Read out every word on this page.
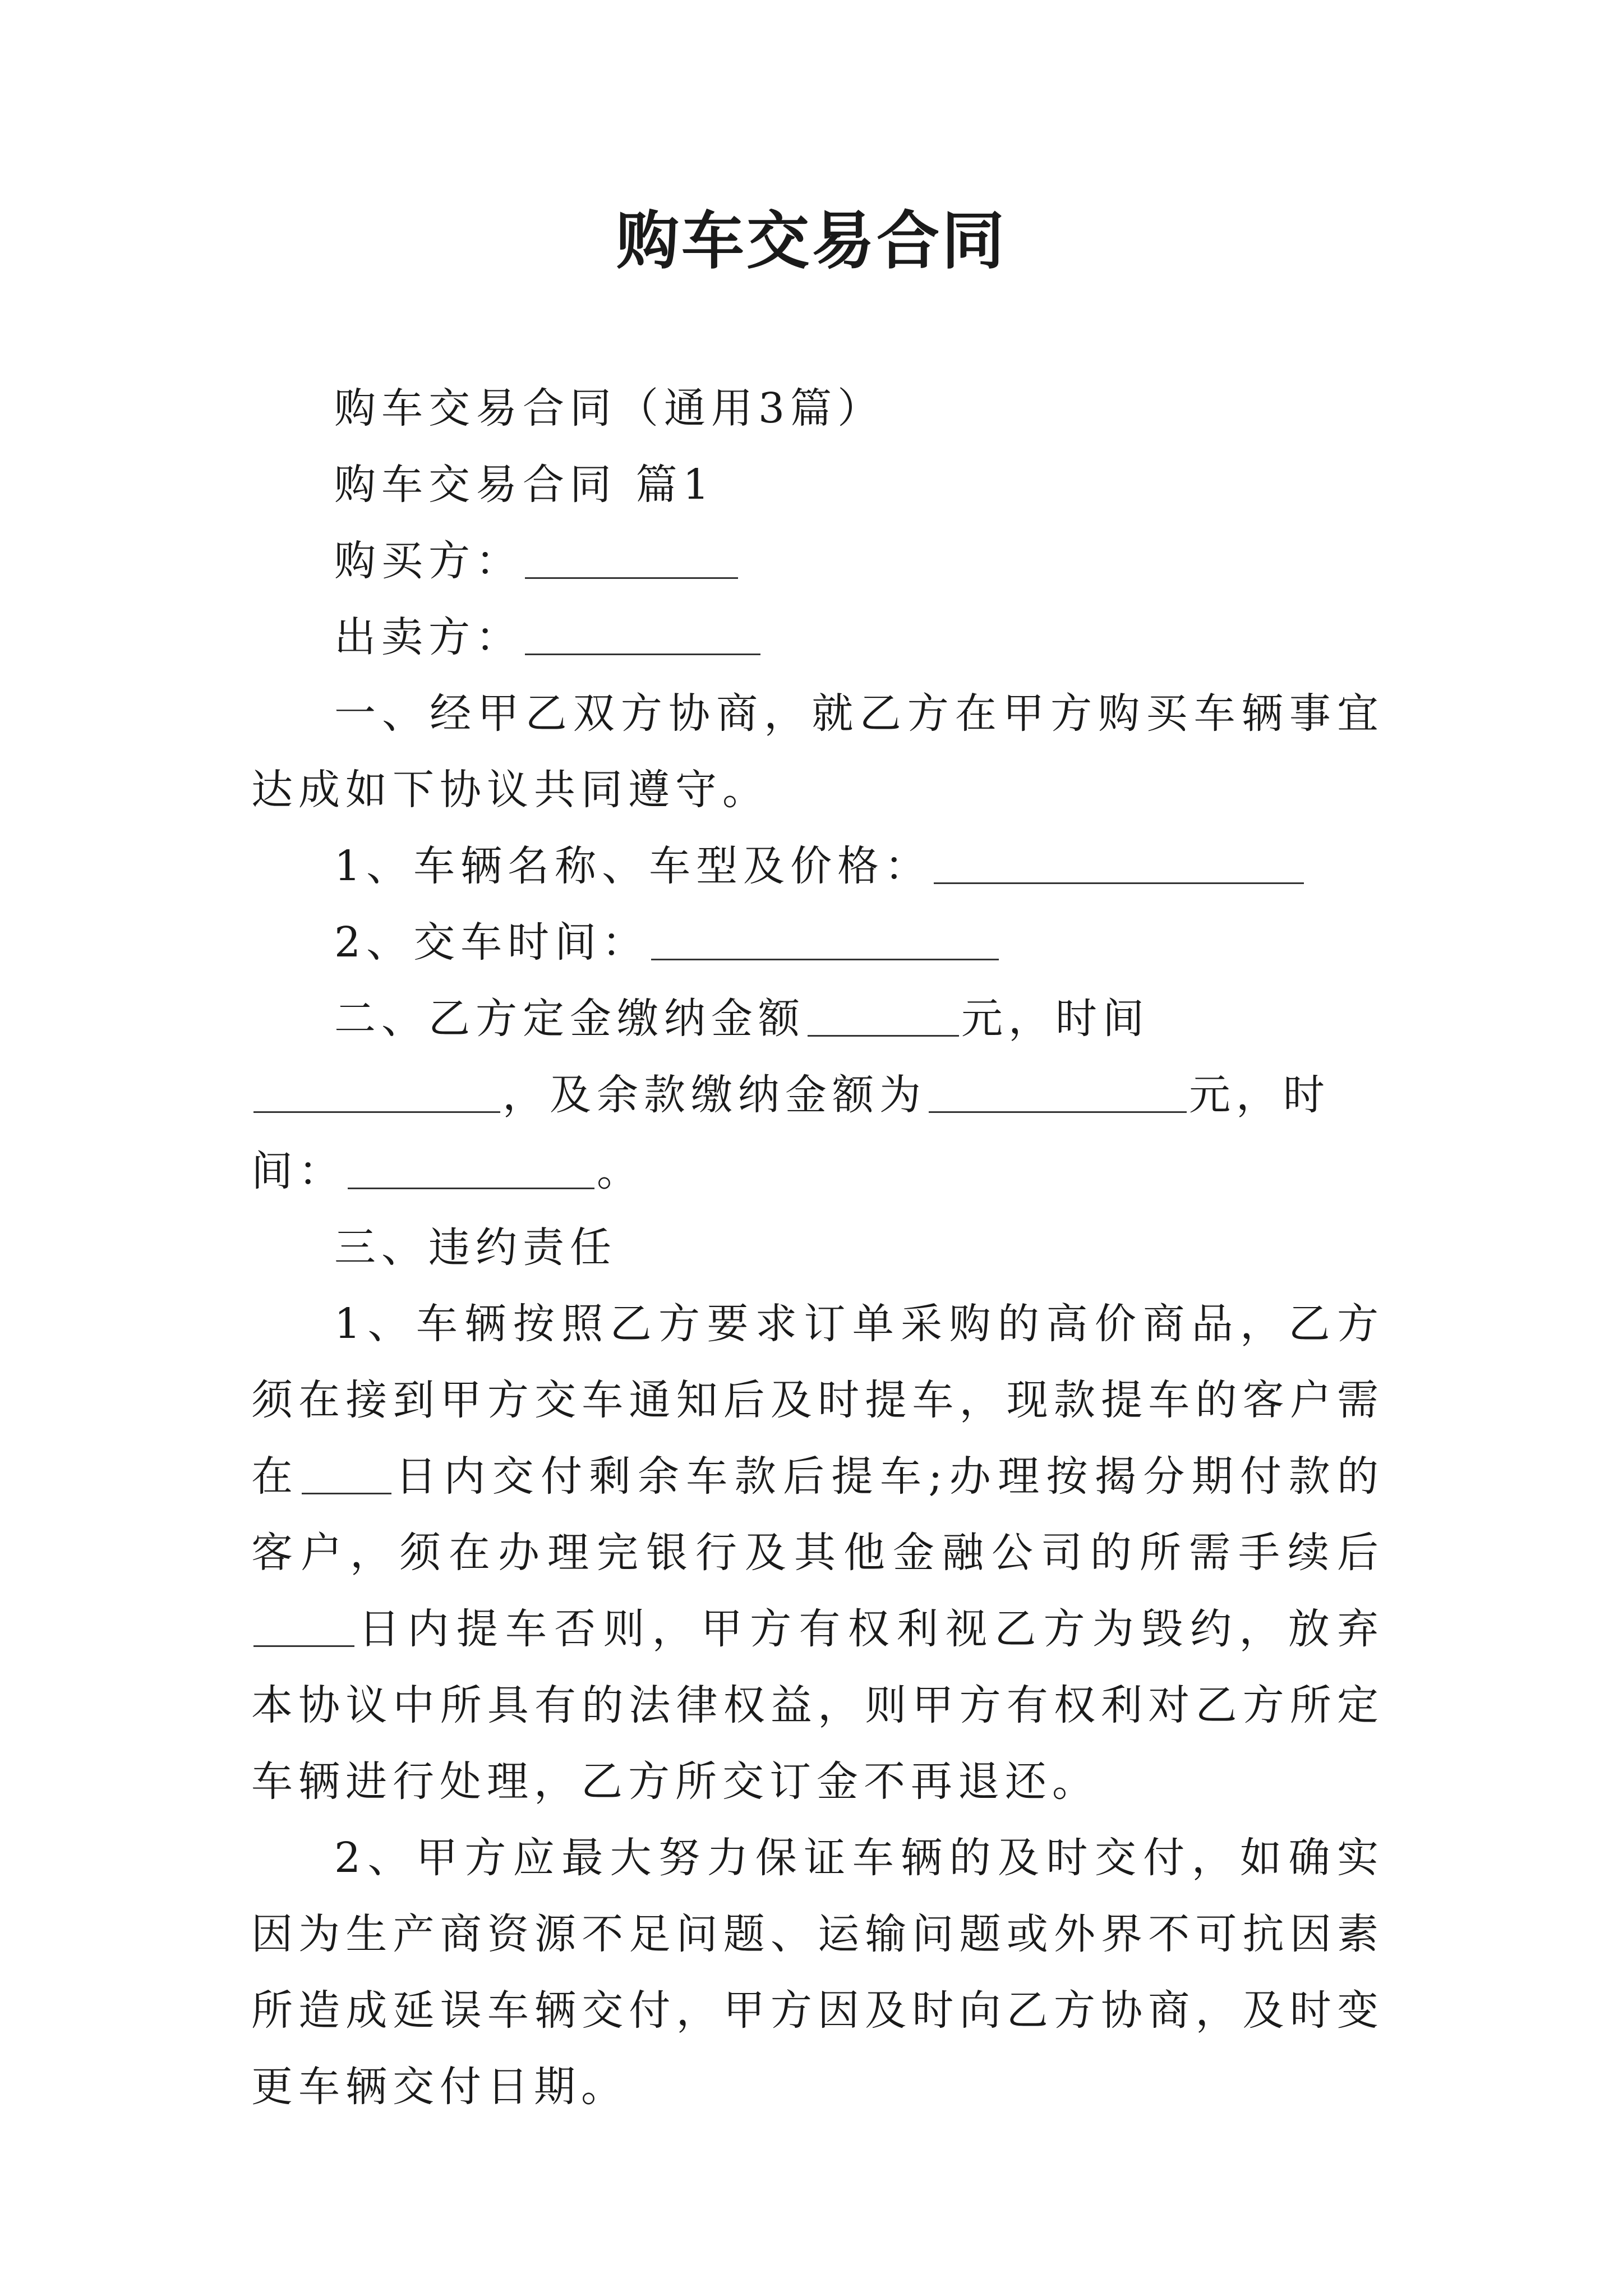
购车交易合同

购车交易合同（通用3篇）

购车交易合同 篇1

购买方：

出卖方：

一、经甲乙双方协商，就乙方在甲方购买车辆事宜达成如下协议共同遵守。

1、车辆名称、车型及价格：

2、交车时间：

二、乙方定金缴纳金额	元，时间，及余款缴纳金额为	元，时间：	。

三、违约责任

1、车辆按照乙方要求订单采购的高价商品，乙方须在接到甲方交车通知后及时提车，现款提车的客户需在 日内交付剩余车款后提车;办理按揭分期付款的客户，须在办理完银行及其他金融公司的所需手续后日内提车否则，甲方有权利视乙方为毁约，放弃本协议中所具有的法律权益，则甲方有权利对乙方所定车辆进行处理，乙方所交订金不再退还。

2、甲方应最大努力保证车辆的及时交付，如确实因为生产商资源不足问题、运输问题或外界不可抗因素所造成延误车辆交付，甲方因及时向乙方协商，及时变更车辆交付日期。
